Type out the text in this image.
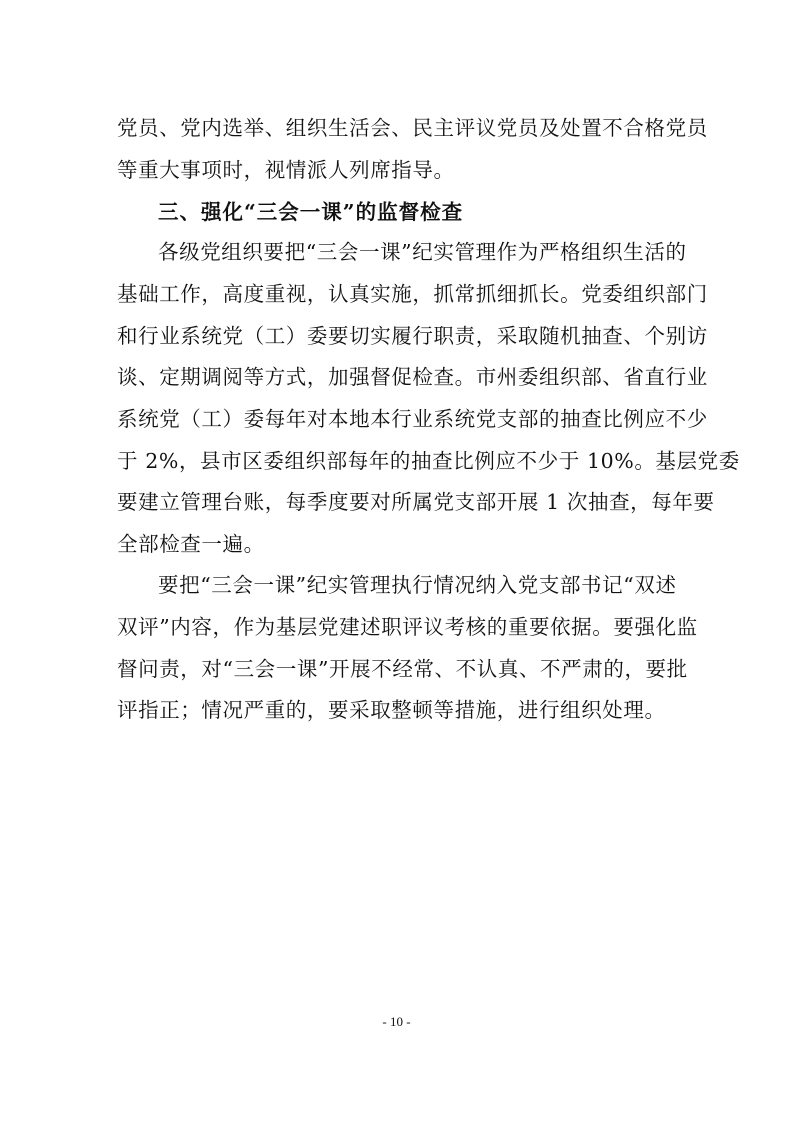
党员、党内选举、组织生活会、民主评议党员及处置不合格党员
等重大事项时，视情派人列席指导。
三、强化“三会一课”的监督检查
各级党组织要把“三会一课”纪实管理作为严格组织生活的
基础工作，高度重视，认真实施，抓常抓细抓长。党委组织部门
和行业系统党（工）委要切实履行职责，采取随机抽查、个别访
谈、定期调阅等方式，加强督促检查。市州委组织部、省直行业
系统党（工）委每年对本地本行业系统党支部的抽查比例应不少
于 2%，县市区委组织部每年的抽查比例应不少于 10%。基层党委
要建立管理台账，每季度要对所属党支部开展 1 次抽查，每年要
全部检查一遍。
要把“三会一课”纪实管理执行情况纳入党支部书记“双述
双评”内容，作为基层党建述职评议考核的重要依据。要强化监
督问责，对“三会一课”开展不经常、不认真、不严肃的，要批
评指正；情况严重的，要采取整顿等措施，进行组织处理。
- 10 -
